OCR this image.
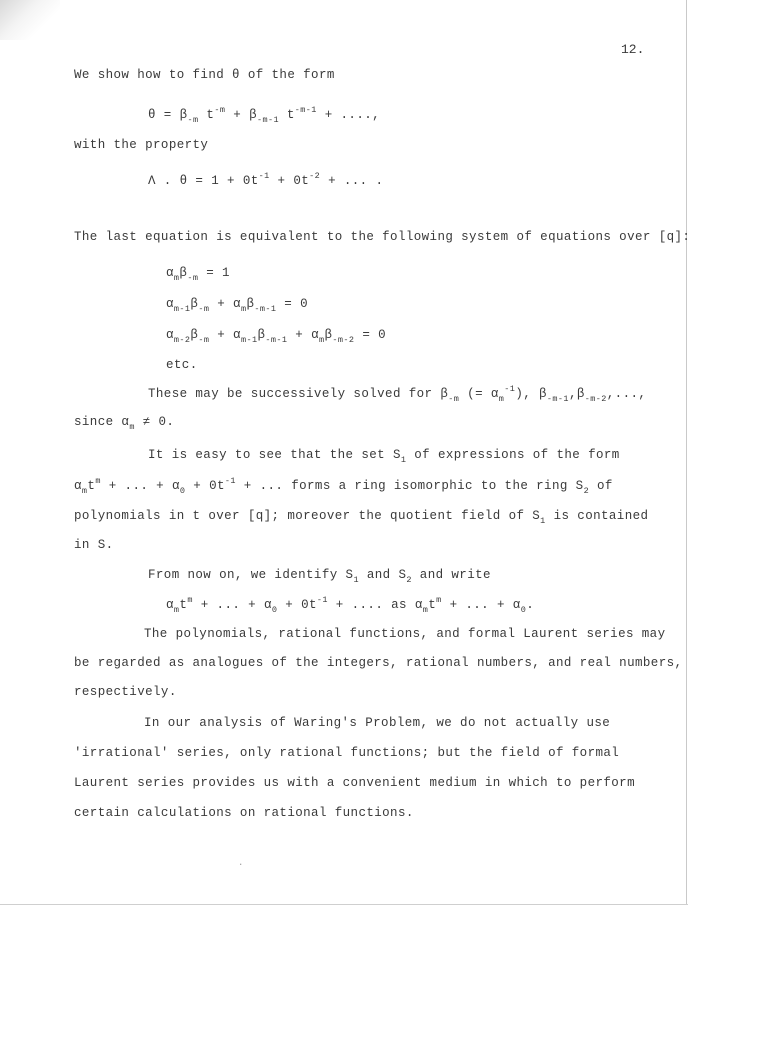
12.
We show how to find θ of the form
$\theta = \beta_{-m}$ $t^{-m} + \beta_{-m-1}$ $t^{-m-1}$ + ....,
with the property
Λ . $\theta = 1 + 0t^{-1} + 0t^{-2}$ + ... .
The last equation is equivalent to the following system of equations over [q]:
$\alpha_m\beta_{-m} = 1$
$\alpha_{m-1}\beta_{-m} + \alpha_m\beta_{-m-1} = 0$
$\alpha_{m-2}\beta_{-m} + \alpha_{m-1}\beta_{-m-1} + \alpha_m\beta_{-m-2} = 0$
etc.
These may be successively solved for $\beta_{-m}$ (= $\alpha_m^{-1}$), $\beta_{-m-1},\beta_{-m-2}$,...,
since $\alpha_m \ne 0$.
It is easy to see that the set $S_1$ of expressions of the form
$\alpha_mt^m$ + ... + $\alpha_0 + 0t^{-1}$ + ... forms a ring isomorphic to the ring $S_2$ of
polynomials in t over [q]; moreover the quotient field of $S_1$ is contained
in S.
From now on, we identify $S_1$ and $S_2$ and write
$\alpha_mt^m$ + ... + $\alpha_0 + 0t^{-1}$ + .... as $\alpha_mt^m$ + ... + $\alpha_0$.
The polynomials, rational functions, and formal Laurent series may
be regarded as analogues of the integers, rational numbers, and real numbers,
respectively.
In our analysis of Waring's Problem, we do not actually use
'irrational' series, only rational functions; but the field of formal
Laurent series provides us with a convenient medium in which to perform
certain calculations on rational functions.
·
